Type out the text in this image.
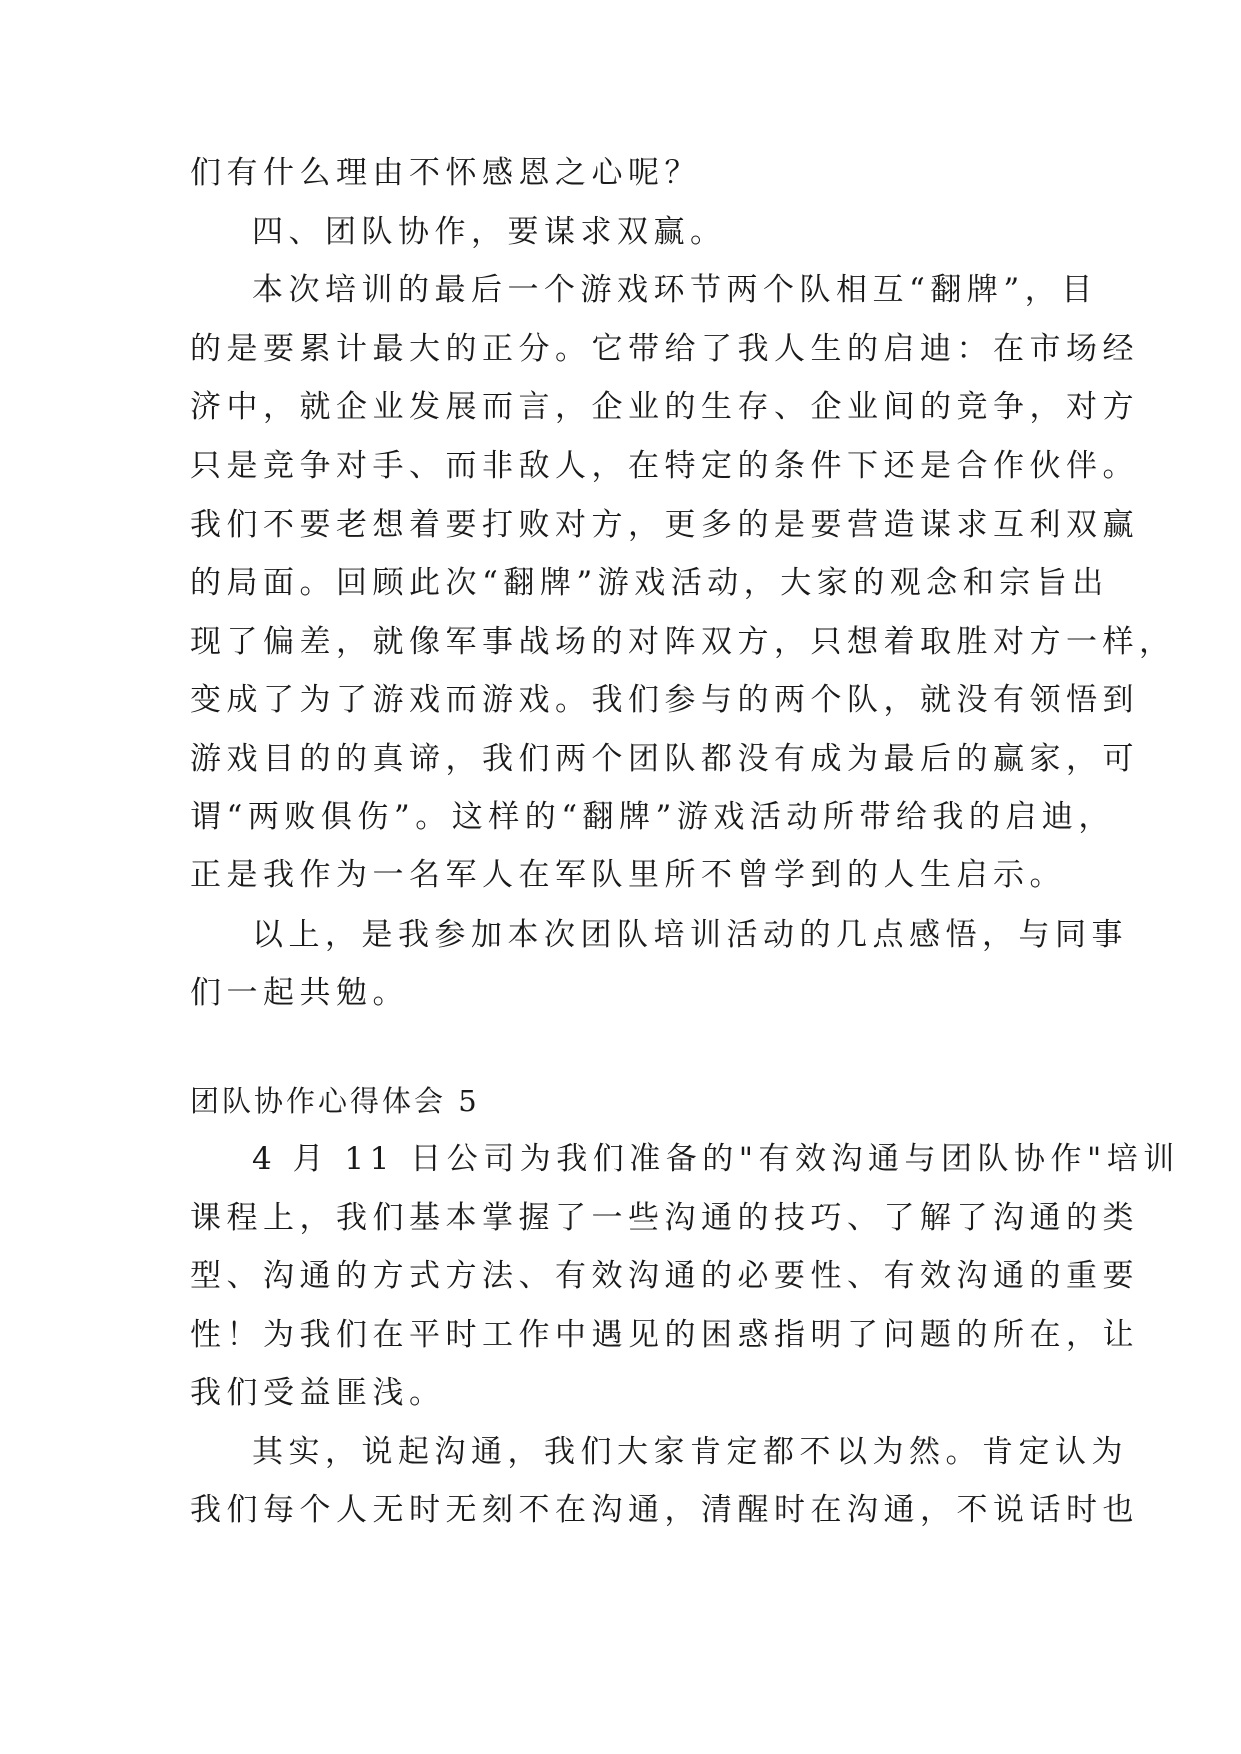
们有什么理由不怀感恩之心呢？
四、团队协作，要谋求双赢。
本次培训的最后一个游戏环节两个队相互“翻牌”，目
的是要累计最大的正分。它带给了我人生的启迪：在市场经
济中，就企业发展而言，企业的生存、企业间的竞争，对方
只是竞争对手、而非敌人，在特定的条件下还是合作伙伴。
我们不要老想着要打败对方，更多的是要营造谋求互利双赢
的局面。回顾此次“翻牌”游戏活动，大家的观念和宗旨出
现了偏差，就像军事战场的对阵双方，只想着取胜对方一样，
变成了为了游戏而游戏。我们参与的两个队，就没有领悟到
游戏目的的真谛，我们两个团队都没有成为最后的赢家，可
谓“两败俱伤”。这样的“翻牌”游戏活动所带给我的启迪，
正是我作为一名军人在军队里所不曾学到的人生启示。
以上，是我参加本次团队培训活动的几点感悟，与同事
们一起共勉。
团队协作心得体会 5
4 月 11 日公司为我们准备的"有效沟通与团队协作"培训
课程上，我们基本掌握了一些沟通的技巧、了解了沟通的类
型、沟通的方式方法、有效沟通的必要性、有效沟通的重要
性！为我们在平时工作中遇见的困惑指明了问题的所在，让
我们受益匪浅。
其实，说起沟通，我们大家肯定都不以为然。肯定认为
我们每个人无时无刻不在沟通，清醒时在沟通，不说话时也
